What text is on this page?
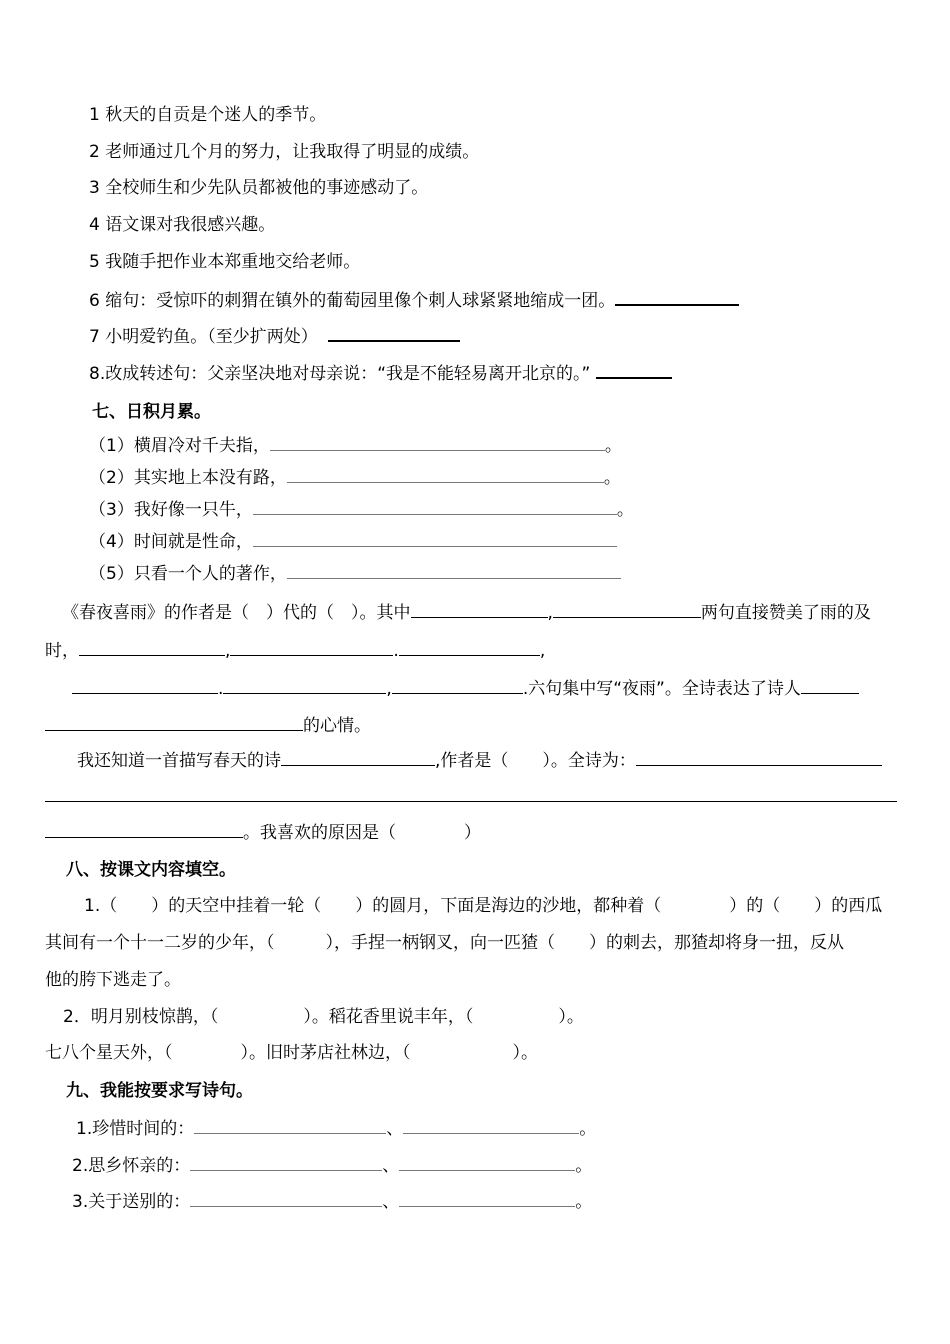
1 秋天的自贡是个迷人的季节。
2 老师通过几个月的努力，让我取得了明显的成绩。
3 全校师生和少先队员都被他的事迹感动了。
4 语文课对我很感兴趣。
5 我随手把作业本郑重地交给老师。
6 缩句：受惊吓的刺猬在镇外的葡萄园里像个刺人球紧紧地缩成一团。
7 小明爱钓鱼。（至少扩两处）
8.改成转述句：父亲坚决地对母亲说：“我是不能轻易离开北京的。”
七、日积月累。
（1）横眉冷对千夫指，	。
（2）其实地上本没有路，	。
（3）我好像一只牛，	。
（4）时间就是性命，
（5）只看一个人的著作，
《春夜喜雨》的作者是（　）代的（　）。其中	,	两句直接赞美了雨的及
时，	,	.	,
.	,	.六句集中写“夜雨”。全诗表达了诗人
的心情。
我还知道一首描写春天的诗	,作者是（　　）。全诗为：
。我喜欢的原因是（　　　　）
八、按课文内容填空。
1.（　　）的天空中挂着一轮（　　）的圆月，下面是海边的沙地，都种着（　　　　）的（　　）的西瓜
其间有一个十一二岁的少年，（　　　），手捏一柄钢叉，向一匹猹（　　）的刺去，那猹却将身一扭，反从
他的胯下逃走了。
2．明月别枝惊鹊，（　　　　　）。稻花香里说丰年，（　　　　　）。
七八个星天外，（　　　　）。旧时茅店社林边，（　　　　　　）。
九、我能按要求写诗句。
1.珍惜时间的：	、	。
2.思乡怀亲的：	、	。
3.关于送别的：	、	。
